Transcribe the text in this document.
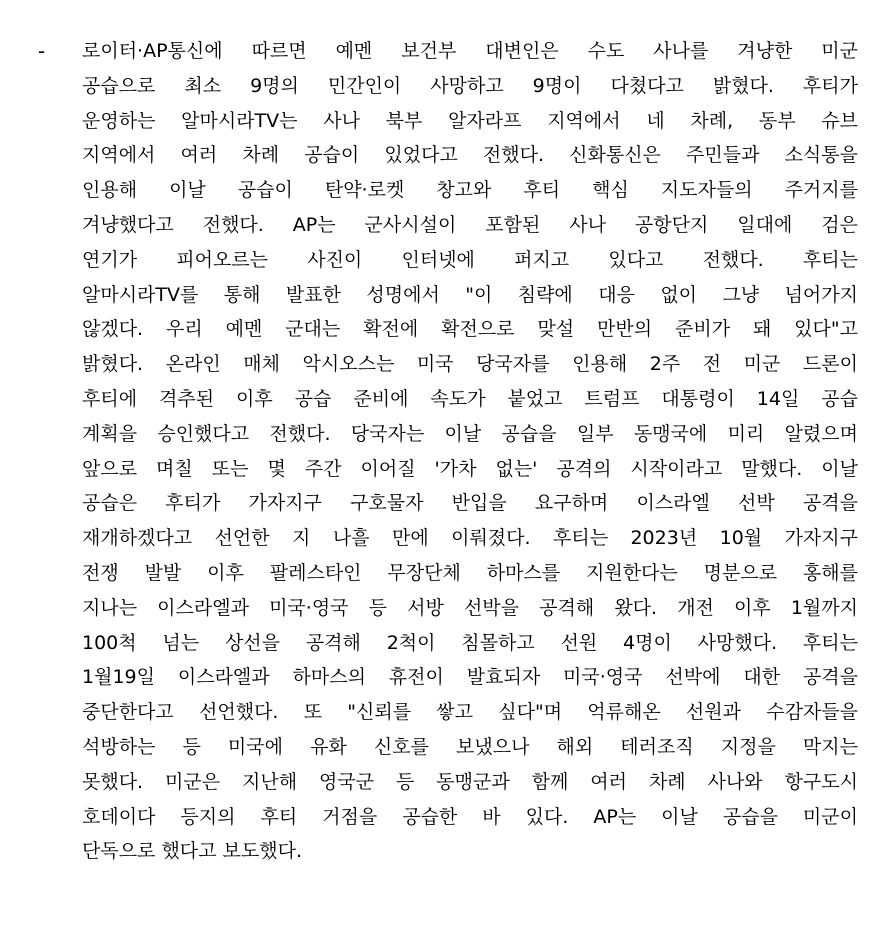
- 로이터·AP통신에 따르면 예멘 보건부 대변인은 수도 사나를 겨냥한 미군
공습으로 최소 9명의 민간인이 사망하고 9명이 다쳤다고 밝혔다. 후티가
운영하는 알마시라TV는 사나 북부 알자라프 지역에서 네 차례, 동부 슈브
지역에서 여러 차례 공습이 있었다고 전했다. 신화통신은 주민들과 소식통을
인용해 이날 공습이 탄약·로켓 창고와 후티 핵심 지도자들의 주거지를
겨냥했다고 전했다. AP는 군사시설이 포함된 사나 공항단지 일대에 검은
연기가 피어오르는 사진이 인터넷에 퍼지고 있다고 전했다. 후티는
알마시라TV를 통해 발표한 성명에서 "이 침략에 대응 없이 그냥 넘어가지
않겠다. 우리 예멘 군대는 확전에 확전으로 맞설 만반의 준비가 돼 있다"고
밝혔다. 온라인 매체 악시오스는 미국 당국자를 인용해 2주 전 미군 드론이
후티에 격추된 이후 공습 준비에 속도가 붙었고 트럼프 대통령이 14일 공습
계획을 승인했다고 전했다. 당국자는 이날 공습을 일부 동맹국에 미리 알렸으며
앞으로 며칠 또는 몇 주간 이어질 '가차 없는' 공격의 시작이라고 말했다. 이날
공습은 후티가 가자지구 구호물자 반입을 요구하며 이스라엘 선박 공격을
재개하겠다고 선언한 지 나흘 만에 이뤄졌다. 후티는 2023년 10월 가자지구
전쟁 발발 이후 팔레스타인 무장단체 하마스를 지원한다는 명분으로 홍해를
지나는 이스라엘과 미국·영국 등 서방 선박을 공격해 왔다. 개전 이후 1월까지
100척 넘는 상선을 공격해 2척이 침몰하고 선원 4명이 사망했다. 후티는
1월19일 이스라엘과 하마스의 휴전이 발효되자 미국·영국 선박에 대한 공격을
중단한다고 선언했다. 또 "신뢰를 쌓고 싶다"며 억류해온 선원과 수감자들을
석방하는 등 미국에 유화 신호를 보냈으나 해외 테러조직 지정을 막지는
못했다. 미군은 지난해 영국군 등 동맹군과 함께 여러 차례 사나와 항구도시
호데이다 등지의 후티 거점을 공습한 바 있다. AP는 이날 공습을 미군이
단독으로 했다고 보도했다.
